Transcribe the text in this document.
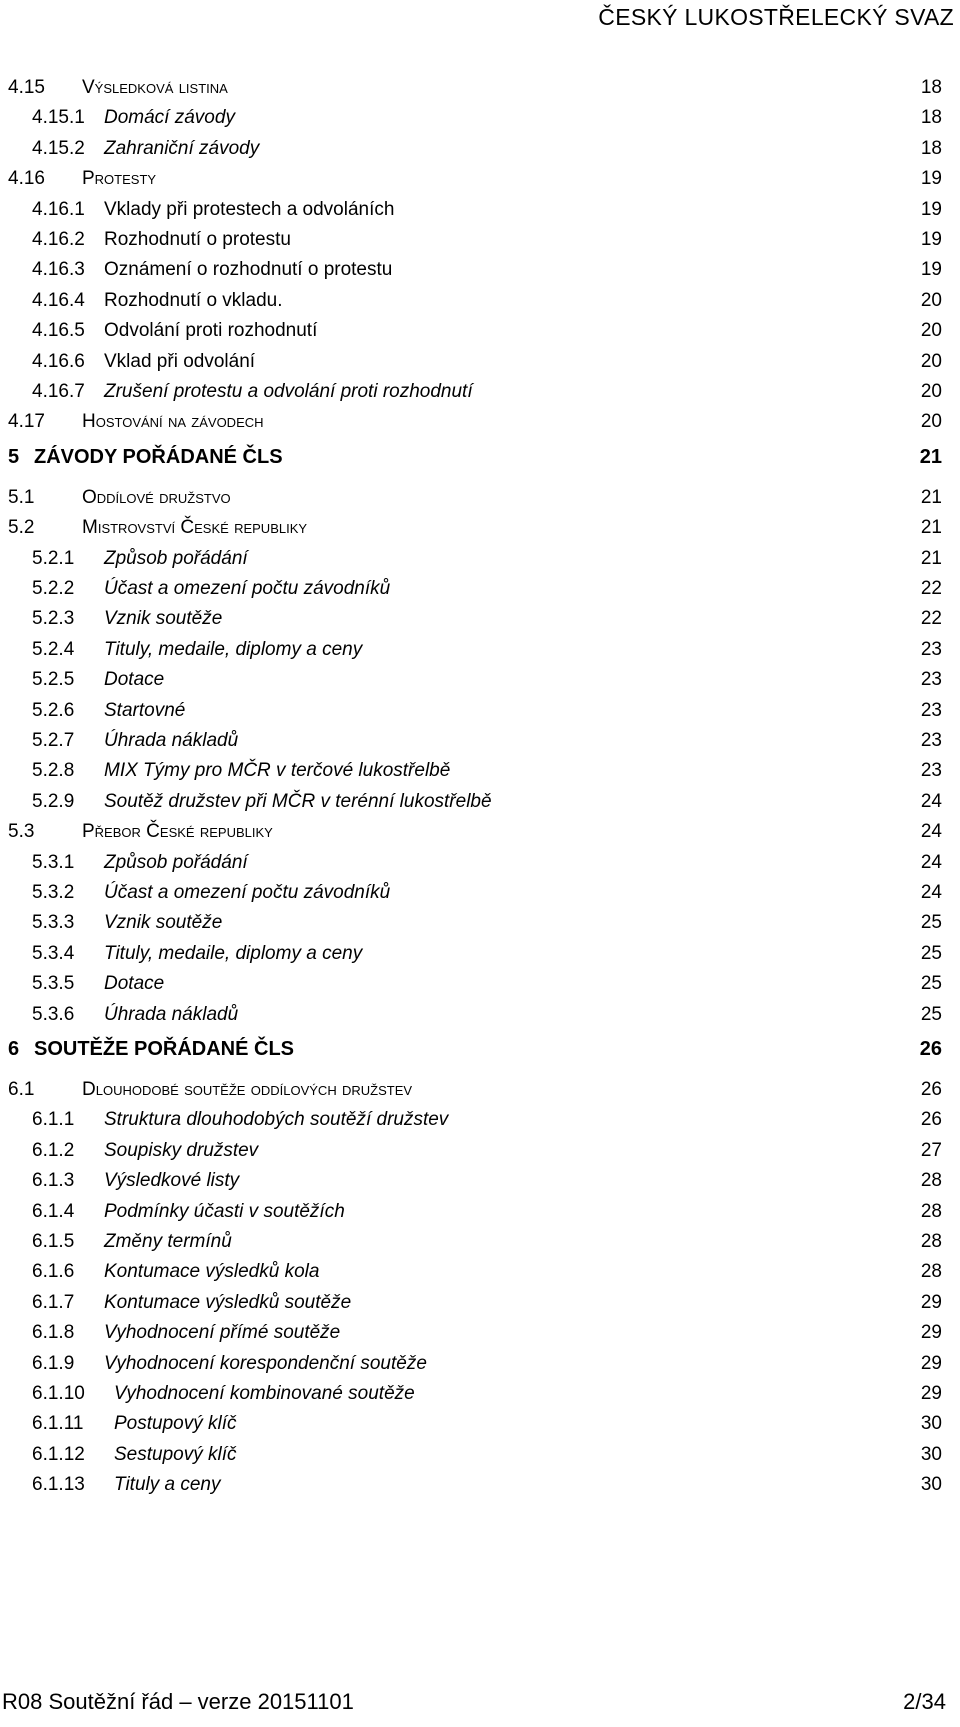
ČESKÝ LUKOSTŘELECKÝ SVAZ
4.15 Výsledková listina	18
4.15.1 Domácí závody	18
4.15.2 Zahraniční závody	18
4.16 Protesty	19
4.16.1 Vklady při protestech a odvoláních	19
4.16.2 Rozhodnutí o protestu	19
4.16.3 Oznámení o rozhodnutí o protestu	19
4.16.4 Rozhodnutí o vkladu.	20
4.16.5 Odvolání proti rozhodnutí	20
4.16.6 Vklad při odvolání	20
4.16.7 Zrušení protestu a odvolání proti rozhodnutí	20
4.17 Hostování na závodech	20
5 ZÁVODY POŘÁDANÉ ČLS	21
5.1	Oddílové družstvo	21
5.2	Mistrovství České republiky	21
5.2.1 Způsob pořádání	21
5.2.2 Účast a omezení počtu závodníků	22
5.2.3 Vznik soutěže	22
5.2.4 Tituly, medaile, diplomy a ceny	23
5.2.5 Dotace	23
5.2.6 Startovné	23
5.2.7 Úhrada nákladů	23
5.2.8 MIX Týmy pro MČR v terčové lukostřelbě	23
5.2.9 Soutěž družstev při MČR v terénní lukostřelbě	24
5.3	Přebor České republiky	24
5.3.1 Způsob pořádání	24
5.3.2 Účast a omezení počtu závodníků	24
5.3.3 Vznik soutěže	25
5.3.4 Tituly, medaile, diplomy a ceny	25
5.3.5 Dotace	25
5.3.6 Úhrada nákladů	25
6 SOUTĚŽE POŘÁDANÉ ČLS	26
6.1	Dlouhodobé soutěže oddílových družstev	26
6.1.1 Struktura dlouhodobých soutěží družstev	26
6.1.2 Soupisky družstev	27
6.1.3 Výsledkové listy	28
6.1.4 Podmínky účasti v soutěžích	28
6.1.5 Změny termínů	28
6.1.6 Kontumace výsledků kola	28
6.1.7 Kontumace výsledků soutěže	29
6.1.8 Vyhodnocení přímé soutěže	29
6.1.9 Vyhodnocení korespondenční soutěže	29
6.1.10 Vyhodnocení kombinované soutěže	29
6.1.11 Postupový klíč	30
6.1.12 Sestupový klíč	30
6.1.13 Tituly a ceny	30
R08 Soutěžní řád – verze 20151101	2/34
